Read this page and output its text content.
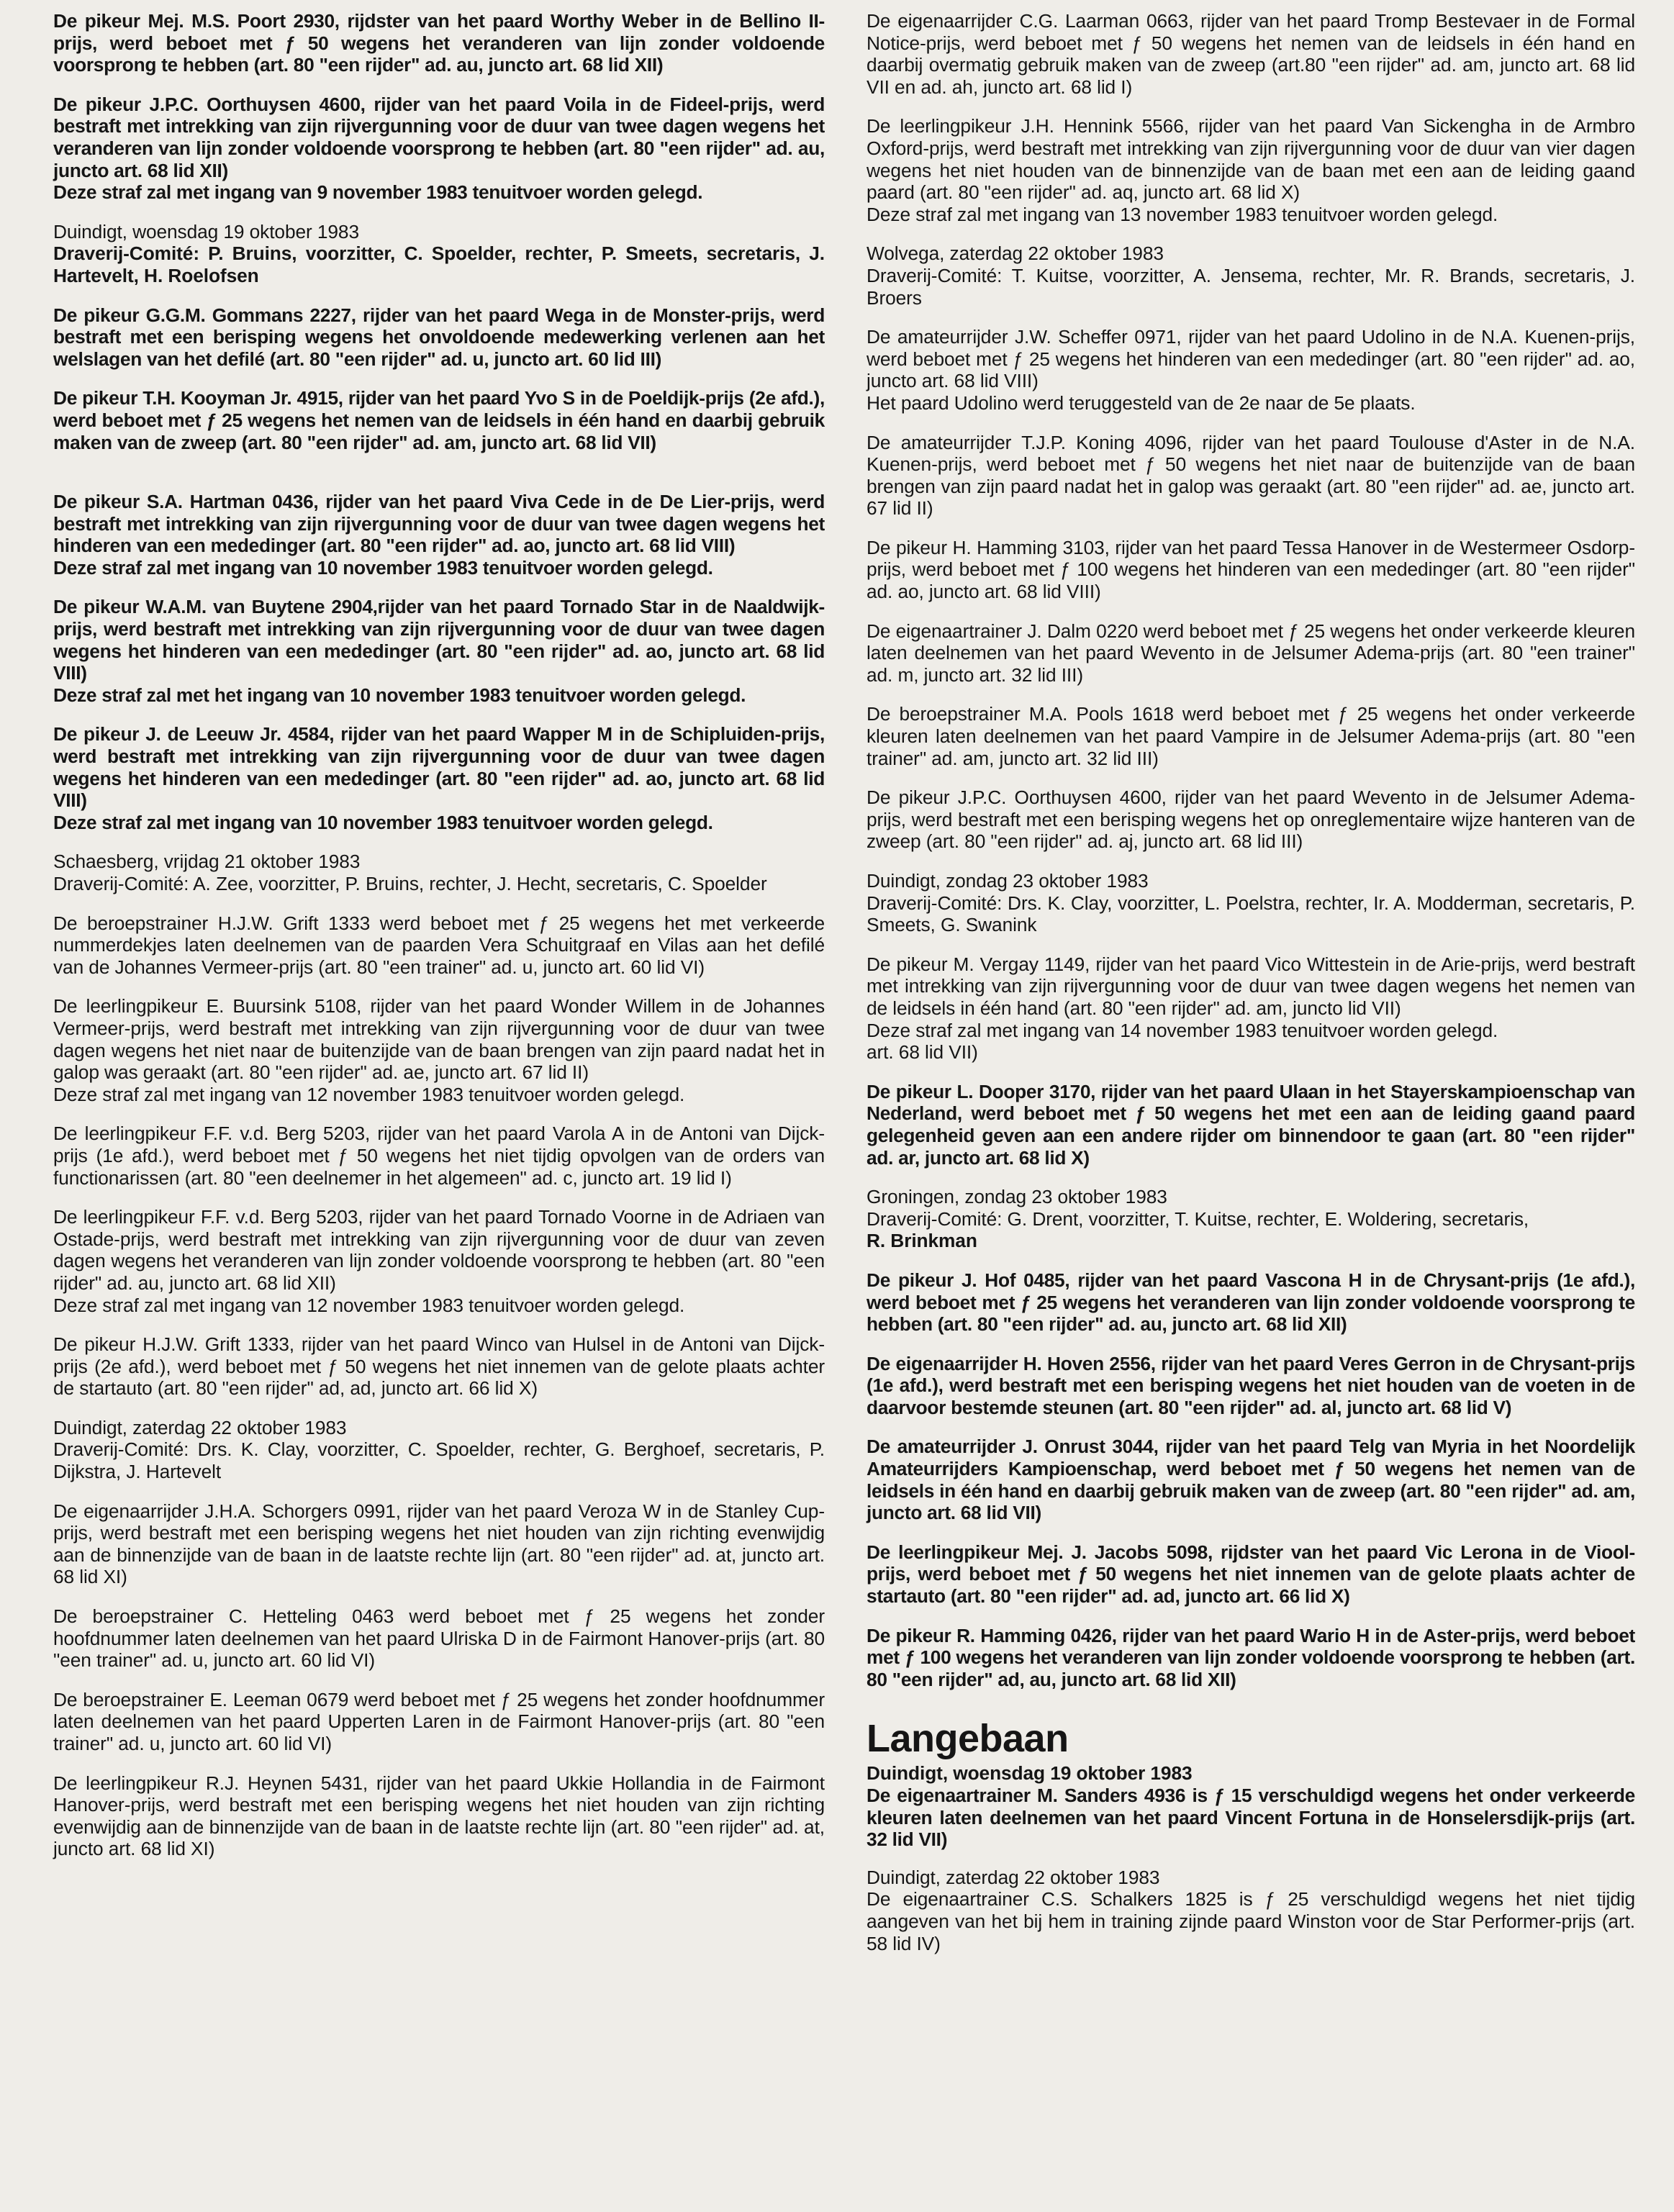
De pikeur Mej. M.S. Poort 2930, rijdster van het paard Worthy Weber in de Bellino II-prijs, werd beboet met ƒ 50 wegens het veranderen van lijn zonder voldoende voorsprong te hebben (art. 80 "een rijder" ad. au, juncto art. 68 lid XII)
De pikeur J.P.C. Oorthuysen 4600, rijder van het paard Voila in de Fideel-prijs, werd bestraft met intrekking van zijn rijvergunning voor de duur van twee dagen wegens het veranderen van lijn zonder voldoende voorsprong te hebben (art. 80 "een rijder" ad. au, juncto art. 68 lid XII)
Deze straf zal met ingang van 9 november 1983 tenuitvoer worden gelegd.
Duindigt, woensdag 19 oktober 1983
Draverij-Comité: P. Bruins, voorzitter, C. Spoelder, rechter, P. Smeets, secretaris, J. Hartevelt, H. Roelofsen
De pikeur G.G.M. Gommans 2227, rijder van het paard Wega in de Monster-prijs, werd bestraft met een berisping wegens het onvoldoende medewerking verlenen aan het welslagen van het defilé (art. 80 "een rijder" ad. u, juncto art. 60 lid III)
De pikeur T.H. Kooyman Jr. 4915, rijder van het paard Yvo S in de Poeldijk-prijs (2e afd.), werd beboet met ƒ 25 wegens het nemen van de leidsels in één hand en daarbij gebruik maken van de zweep (art. 80 "een rijder" ad. am, juncto art. 68 lid VII)
De pikeur S.A. Hartman 0436, rijder van het paard Viva Cede in de De Lier-prijs, werd bestraft met intrekking van zijn rijvergunning voor de duur van twee dagen wegens het hinderen van een mededinger (art. 80 "een rijder" ad. ao, juncto art. 68 lid VIII)
Deze straf zal met ingang van 10 november 1983 tenuitvoer worden gelegd.
De pikeur W.A.M. van Buytene 2904,rijder van het paard Tornado Star in de Naaldwijk-prijs, werd bestraft met intrekking van zijn rijvergunning voor de duur van twee dagen wegens het hinderen van een mededinger (art. 80 "een rijder" ad. ao, juncto art. 68 lid VIII)
Deze straf zal met het ingang van 10 november 1983 tenuitvoer worden gelegd.
De pikeur J. de Leeuw Jr. 4584, rijder van het paard Wapper M in de Schipluiden-prijs, werd bestraft met intrekking van zijn rijvergunning voor de duur van twee dagen wegens het hinderen van een mededinger (art. 80 "een rijder" ad. ao, juncto art. 68 lid VIII)
Deze straf zal met ingang van 10 november 1983 tenuitvoer worden gelegd.
Schaesberg, vrijdag 21 oktober 1983
Draverij-Comité: A. Zee, voorzitter, P. Bruins, rechter, J. Hecht, secretaris, C. Spoelder
De beroepstrainer H.J.W. Grift 1333 werd beboet met ƒ 25 wegens het met verkeerde nummerdekjes laten deelnemen van de paarden Vera Schuitgraaf en Vilas aan het defilé van de Johannes Vermeer-prijs (art. 80 "een trainer" ad. u, juncto art. 60 lid VI)
De leerlingpikeur E. Buursink 5108, rijder van het paard Wonder Willem in de Johannes Vermeer-prijs, werd bestraft met intrekking van zijn rijvergunning voor de duur van twee dagen wegens het niet naar de buitenzijde van de baan brengen van zijn paard nadat het in galop was geraakt (art. 80 "een rijder" ad. ae, juncto art. 67 lid II)
Deze straf zal met ingang van 12 november 1983 tenuitvoer worden gelegd.
De leerlingpikeur F.F. v.d. Berg 5203, rijder van het paard Varola A in de Antoni van Dijck-prijs (1e afd.), werd beboet met ƒ 50 wegens het niet tijdig opvolgen van de orders van functionarissen (art. 80 "een deelnemer in het algemeen" ad. c, juncto art. 19 lid I)
De leerlingpikeur F.F. v.d. Berg 5203, rijder van het paard Tornado Voorne in de Adriaen van Ostade-prijs, werd bestraft met intrekking van zijn rijvergunning voor de duur van zeven dagen wegens het veranderen van lijn zonder voldoende voorsprong te hebben (art. 80 "een rijder" ad. au, juncto art. 68 lid XII)
Deze straf zal met ingang van 12 november 1983 tenuitvoer worden gelegd.
De pikeur H.J.W. Grift 1333, rijder van het paard Winco van Hulsel in de Antoni van Dijck-prijs (2e afd.), werd beboet met ƒ 50 wegens het niet innemen van de gelote plaats achter de startauto (art. 80 "een rijder" ad, ad, juncto art. 66 lid X)
Duindigt, zaterdag 22 oktober 1983
Draverij-Comité: Drs. K. Clay, voorzitter, C. Spoelder, rechter, G. Berghoef, secretaris, P. Dijkstra, J. Hartevelt
De eigenaarrijder J.H.A. Schorgers 0991, rijder van het paard Veroza W in de Stanley Cup-prijs, werd bestraft met een berisping wegens het niet houden van zijn richting evenwijdig aan de binnenzijde van de baan in de laatste rechte lijn (art. 80 "een rijder" ad. at, juncto art. 68 lid XI)
De beroepstrainer C. Hetteling 0463 werd beboet met ƒ 25 wegens het zonder hoofdnummer laten deelnemen van het paard Ulriska D in de Fairmont Hanover-prijs (art. 80 "een trainer" ad. u, juncto art. 60 lid VI)
De beroepstrainer E. Leeman 0679 werd beboet met ƒ 25 wegens het zonder hoofdnummer laten deelnemen van het paard Upperten Laren in de Fairmont Hanover-prijs (art. 80 "een trainer" ad. u, juncto art. 60 lid VI)
De leerlingpikeur R.J. Heynen 5431, rijder van het paard Ukkie Hollandia in de Fairmont Hanover-prijs, werd bestraft met een berisping wegens het niet houden van zijn richting evenwijdig aan de binnenzijde van de baan in de laatste rechte lijn (art. 80 "een rijder" ad. at, juncto art. 68 lid XI)
De eigenaarrijder C.G. Laarman 0663, rijder van het paard Tromp Bestevaer in de Formal Notice-prijs, werd beboet met ƒ 50 wegens het nemen van de leidsels in één hand en daarbij overmatig gebruik maken van de zweep (art.80 "een rijder" ad. am, juncto art. 68 lid VII en ad. ah, juncto art. 68 lid I)
De leerlingpikeur J.H. Hennink 5566, rijder van het paard Van Sickengha in de Armbro Oxford-prijs, werd bestraft met intrekking van zijn rijvergunning voor de duur van vier dagen wegens het niet houden van de binnenzijde van de baan met een aan de leiding gaand paard (art. 80 "een rijder" ad. aq, juncto art. 68 lid X)
Deze straf zal met ingang van 13 november 1983 tenuitvoer worden gelegd.
Wolvega, zaterdag 22 oktober 1983
Draverij-Comité: T. Kuitse, voorzitter, A. Jensema, rechter, Mr. R. Brands, secretaris, J. Broers
De amateurrijder J.W. Scheffer 0971, rijder van het paard Udolino in de N.A. Kuenen-prijs, werd beboet met ƒ 25 wegens het hinderen van een mededinger (art. 80 "een rijder" ad. ao, juncto art. 68 lid VIII)
Het paard Udolino werd teruggesteld van de 2e naar de 5e plaats.
De amateurrijder T.J.P. Koning 4096, rijder van het paard Toulouse d'Aster in de N.A. Kuenen-prijs, werd beboet met ƒ 50 wegens het niet naar de buitenzijde van de baan brengen van zijn paard nadat het in galop was geraakt (art. 80 "een rijder" ad. ae, juncto art. 67 lid II)
De pikeur H. Hamming 3103, rijder van het paard Tessa Hanover in de Westermeer Osdorp-prijs, werd beboet met ƒ 100 wegens het hinderen van een mededinger (art. 80 "een rijder" ad. ao, juncto art. 68 lid VIII)
De eigenaartrainer J. Dalm 0220 werd beboet met ƒ 25 wegens het onder verkeerde kleuren laten deelnemen van het paard Wevento in de Jelsumer Adema-prijs (art. 80 "een trainer" ad. m, juncto art. 32 lid III)
De beroepstrainer M.A. Pools 1618 werd beboet met ƒ 25 wegens het onder verkeerde kleuren laten deelnemen van het paard Vampire in de Jelsumer Adema-prijs (art. 80 "een trainer" ad. am, juncto art. 32 lid III)
De pikeur J.P.C. Oorthuysen 4600, rijder van het paard Wevento in de Jelsumer Adema-prijs, werd bestraft met een berisping wegens het op onreglementaire wijze hanteren van de zweep (art. 80 "een rijder" ad. aj, juncto art. 68 lid III)
Duindigt, zondag 23 oktober 1983
Draverij-Comité: Drs. K. Clay, voorzitter, L. Poelstra, rechter, Ir. A. Modderman, secretaris, P. Smeets, G. Swanink
De pikeur M. Vergay 1149, rijder van het paard Vico Wittestein in de Arie-prijs, werd bestraft met intrekking van zijn rijvergunning voor de duur van twee dagen wegens het nemen van de leidsels in één hand (art. 80 "een rijder" ad. am, juncto lid VII)
Deze straf zal met ingang van 14 november 1983 tenuitvoer worden gelegd.
art. 68 lid VII)
De pikeur L. Dooper 3170, rijder van het paard Ulaan in het Stayerskampioenschap van Nederland, werd beboet met ƒ 50 wegens het met een aan de leiding gaand paard gelegenheid geven aan een andere rijder om binnendoor te gaan (art. 80 "een rijder" ad. ar, juncto art. 68 lid X)
Groningen, zondag 23 oktober 1983
Draverij-Comité: G. Drent, voorzitter, T. Kuitse, rechter, E. Woldering, secretaris,
R. Brinkman
De pikeur J. Hof 0485, rijder van het paard Vascona H in de Chrysant-prijs (1e afd.), werd beboet met ƒ 25 wegens het veranderen van lijn zonder voldoende voorsprong te hebben (art. 80 "een rijder" ad. au, juncto art. 68 lid XII)
De eigenaarrijder H. Hoven 2556, rijder van het paard Veres Gerron in de Chrysant-prijs (1e afd.), werd bestraft met een berisping wegens het niet houden van de voeten in de daarvoor bestemde steunen (art. 80 "een rijder" ad. al, juncto art. 68 lid V)
De amateurrijder J. Onrust 3044, rijder van het paard Telg van Myria in het Noordelijk Amateurrijders Kampioenschap, werd beboet met ƒ 50 wegens het nemen van de leidsels in één hand en daarbij gebruik maken van de zweep (art. 80 "een rijder" ad. am, juncto art. 68 lid VII)
De leerlingpikeur Mej. J. Jacobs 5098, rijdster van het paard Vic Lerona in de Viool-prijs, werd beboet met ƒ 50 wegens het niet innemen van de gelote plaats achter de startauto (art. 80 "een rijder" ad. ad, juncto art. 66 lid X)
De pikeur R. Hamming 0426, rijder van het paard Wario H in de Aster-prijs, werd beboet met ƒ 100 wegens het veranderen van lijn zonder voldoende voorsprong te hebben (art. 80 "een rijder" ad, au, juncto art. 68 lid XII)
Langebaan
Duindigt, woensdag 19 oktober 1983
De eigenaartrainer M. Sanders 4936 is ƒ 15 verschuldigd wegens het onder verkeerde kleuren laten deelnemen van het paard Vincent Fortuna in de Honselersdijk-prijs (art. 32 lid VII)
Duindigt, zaterdag 22 oktober 1983
De eigenaartrainer C.S. Schalkers 1825 is ƒ 25 verschuldigd wegens het niet tijdig aangeven van het bij hem in training zijnde paard Winston voor de Star Performer-prijs (art. 58 lid IV)
